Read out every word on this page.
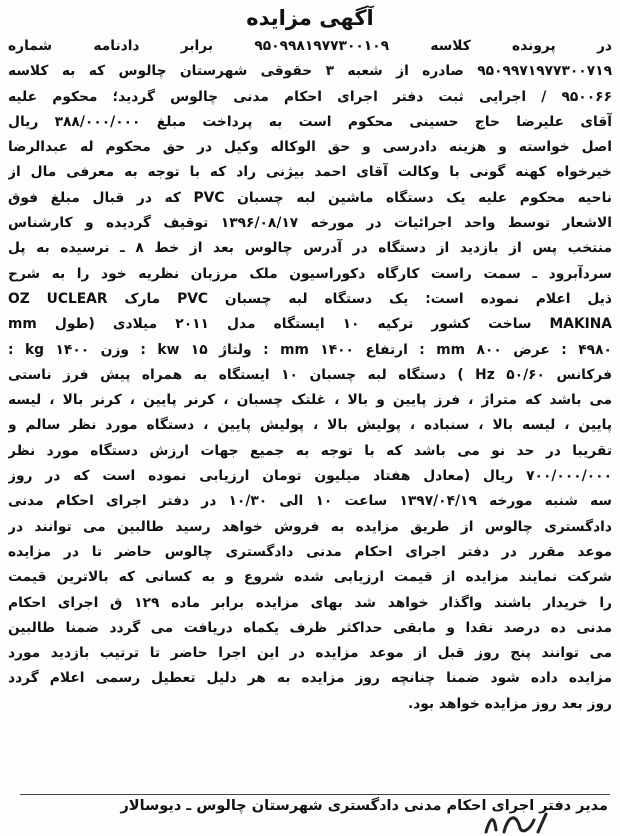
آگهی مزایده
در پرونده کلاسه ۹۵۰۹۹۸۱۹۷۷۳۰۰۱۰۹ برابر دادنامه شماره
۹۵۰۹۹۷۱۹۷۷۳۰۰۷۱۹ صادره از شعبه ۳ حقوقی شهرستان چالوس که به کلاسه
۹۵۰۰۶۶ / اجرایی ثبت دفتر اجرای احکام مدنی چالوس گردید؛ محکوم علیه
آقای علیرضا حاج حسینی محکوم است به پرداخت مبلغ ۳۸۸/۰۰۰/۰۰۰ ریال
اصل خواسته و هزینه دادرسی و حق الوکاله وکیل در حق محکوم له عبدالرضا
خیرخواه کهنه گونی با وکالت آقای احمد بیژنی راد که با توجه به معرفی مال از
ناحیه محکوم علیه یک دستگاه ماشین لبه چسبان PVC که در قبال مبلغ فوق
الاشعار توسط واحد اجرائیات در مورخه ۱۳۹۶/۰۸/۱۷ توقیف گردیده و کارشناس
منتخب پس از بازدید از دستگاه در آدرس چالوس بعد از خط ۸ ـ نرسیده به پل
سردآبرود ـ سمت راست کارگاه دکوراسیون ملک مرزبان نظریه خود را به شرح
ذیل اعلام نموده است: یک دستگاه لبه چسبان PVC مارک OZ UCLEAR
MAKINA ساخت کشور ترکیه ۱۰ ایستگاه مدل ۲۰۱۱ میلادی (طول mm
۴۹۸۰ : عرض ۸۰۰ mm : ارتفاع ۱۴۰۰ mm : ولتاژ ۱۵ kw : وزن ۱۴۰۰ kg :
فرکانس ۵۰/۶۰ Hz ) دستگاه لبه چسبان ۱۰ ایستگاه به همراه پیش فرز ناستی
می باشد که متراژ ، فرز پایین و بالا ، غلتک چسبان ، کرنر پایین ، کرنر بالا ، لیسه
پایین ، لیسه بالا ، سنباده ، پولیش بالا ، پولیش پایین ، دستگاه مورد نظر سالم و
تقریبا در حد نو می باشد که با توجه به جمیع جهات ارزش دستگاه مورد نظر
۷۰۰/۰۰۰/۰۰۰ ریال (معادل هفتاد میلیون تومان ارزیابی نموده است که در روز
سه شنبه مورخه ۱۳۹۷/۰۴/۱۹ ساعت ۱۰ الی ۱۰/۳۰ در دفتر اجرای احکام مدنی
دادگستری چالوس از طریق مزایده به فروش خواهد رسید طالبین می توانند در
موعد مقرر در دفتر اجرای احکام مدنی دادگستری چالوس حاضر تا در مزایده
شرکت نمایند مزایده از قیمت ارزیابی شده شروع و به کسانی که بالاترین قیمت
را خریدار باشند واگذار خواهد شد بهای مزایده برابر ماده ۱۲۹ ق اجرای احکام
مدنی ده درصد نقدا و مابقی حداکثر ظرف یکماه دریافت می گردد ضمنا طالبین
می توانند پنج روز قبل از موعد مزایده در این اجرا حاضر تا ترتیب بازدید مورد
مزایده داده شود ضمنا چنانچه روز مزایده به هر دلیل تعطیل رسمی اعلام گردد
روز بعد روز مزایده خواهد بود.
مدیر دفتر اجرای احکام مدنی دادگستری شهرستان چالوس ـ دیوسالار
